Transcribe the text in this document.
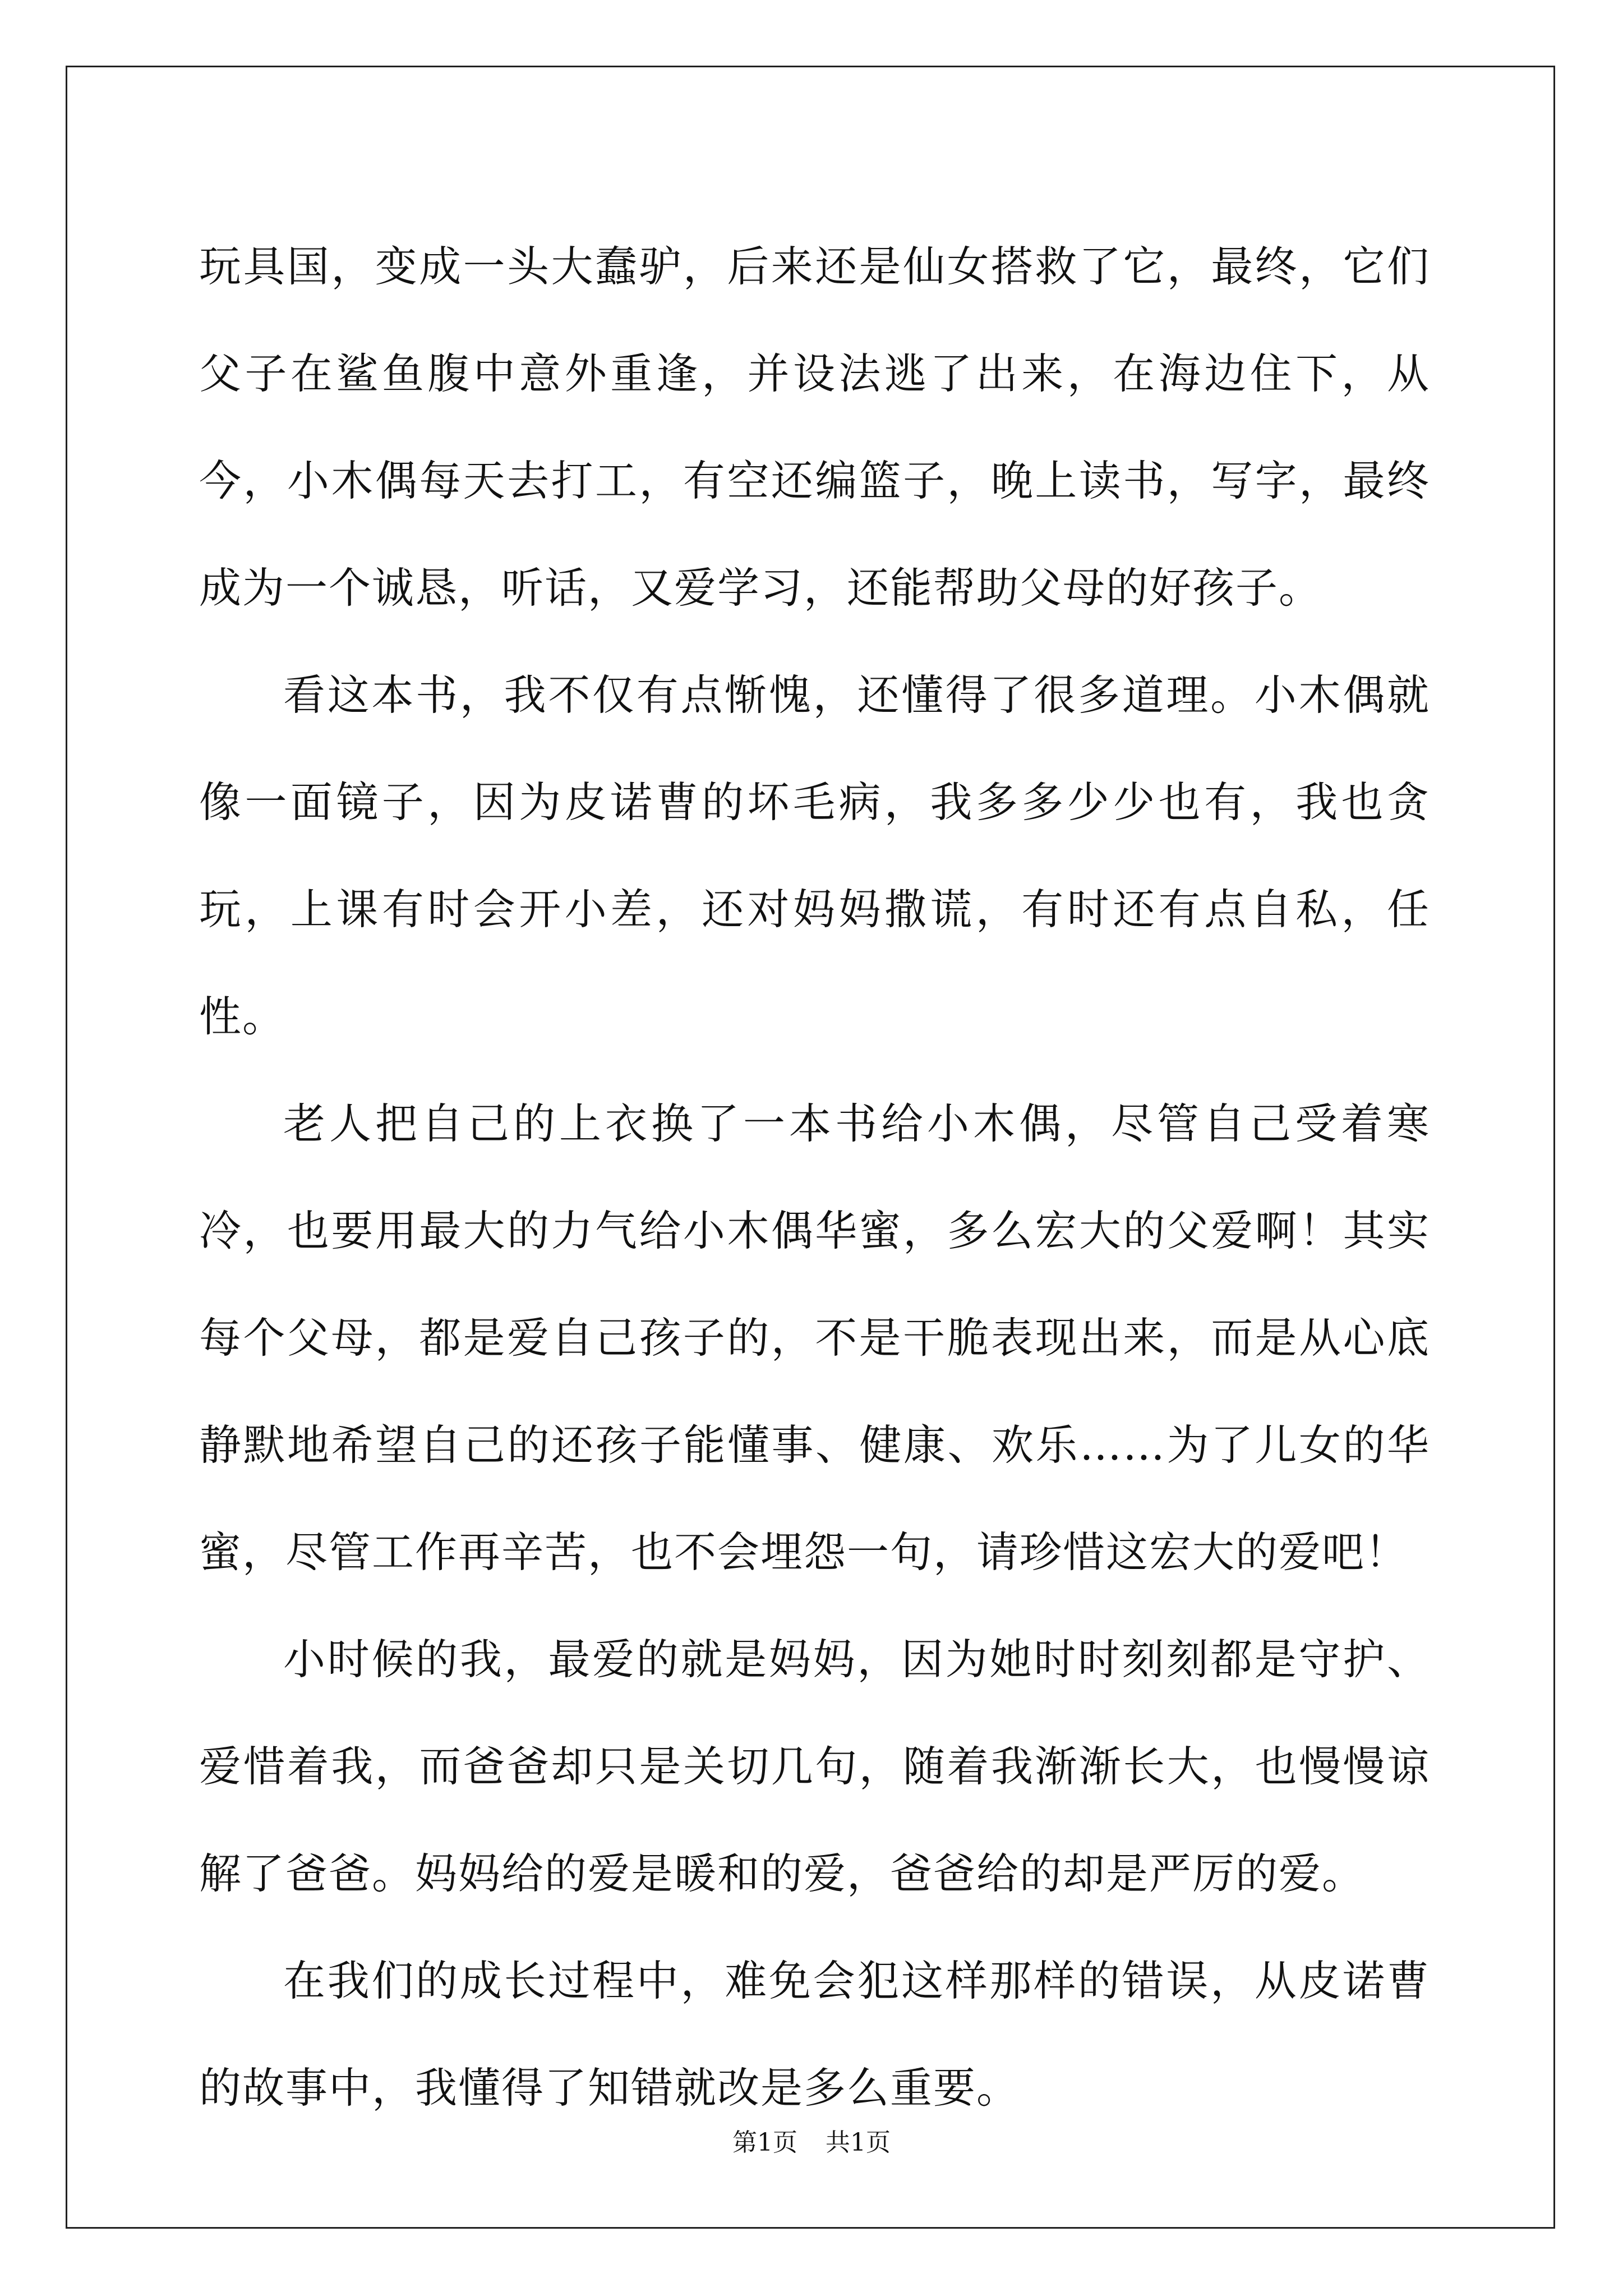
玩具国，变成一头大蠢驴，后来还是仙女搭救了它，最终，它们父子在鲨鱼腹中意外重逢，并设法逃了出来，在海边住下，从今，小木偶每天去打工，有空还编篮子，晚上读书，写字，最终成为一个诚恳，听话，又爱学习，还能帮助父母的好孩子。

看这本书，我不仅有点惭愧，还懂得了很多道理。小木偶就像一面镜子，因为皮诺曹的坏毛病，我多多少少也有，我也贪玩，上课有时会开小差，还对妈妈撒谎，有时还有点自私，任性。

老人把自己的上衣换了一本书给小木偶，尽管自己受着寒冷，也要用最大的力气给小木偶华蜜，多么宏大的父爱啊！其实每个父母，都是爱自己孩子的，不是干脆表现出来，而是从心底静默地希望自己的还孩子能懂事、健康、欢乐……为了儿女的华蜜，尽管工作再辛苦，也不会埋怨一句，请珍惜这宏大的爱吧！

小时候的我，最爱的就是妈妈，因为她时时刻刻都是守护、爱惜着我，而爸爸却只是关切几句，随着我渐渐长大，也慢慢谅解了爸爸。妈妈给的爱是暖和的爱，爸爸给的却是严厉的爱。

在我们的成长过程中，难免会犯这样那样的错误，从皮诺曹的故事中，我懂得了知错就改是多么重要。

第1页 共1页
